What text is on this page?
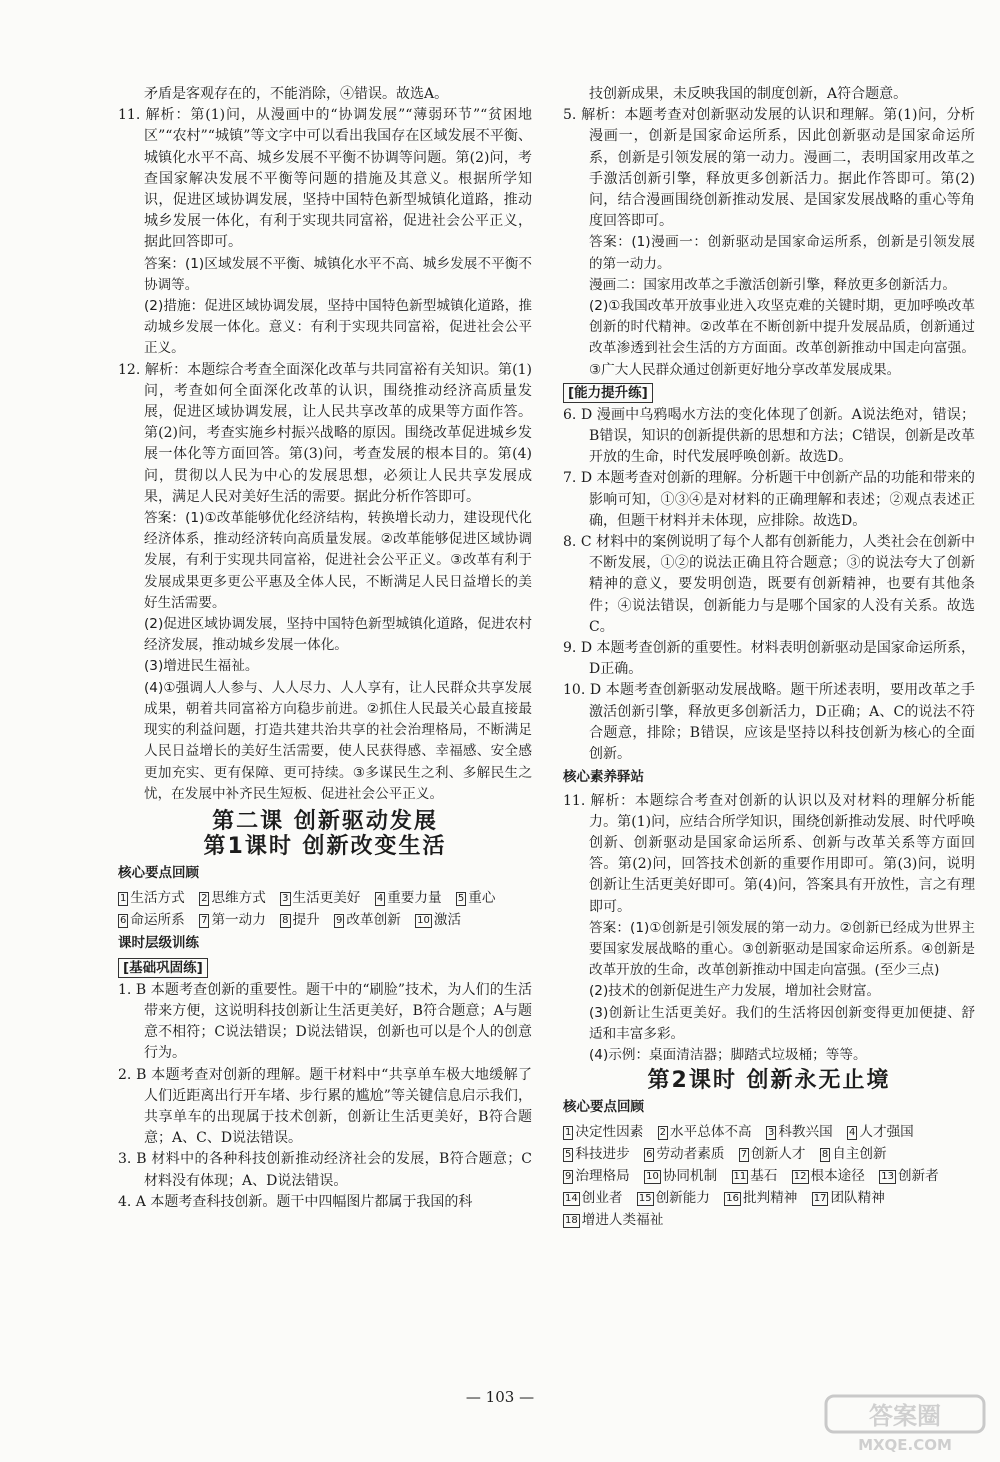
矛盾是客观存在的，不能消除，④错误。故选A。

11. 解析：第(1)问，从漫画中的“协调发展”“薄弱环节”“贫困地区”“农村”“城镇”等文字中可以看出我国存在区域发展不平衡、城镇化水平不高、城乡发展不平衡不协调等问题。第(2)问，考查国家解决发展不平衡等问题的措施及其意义。根据所学知识，促进区域协调发展，坚持中国特色新型城镇化道路，推动城乡发展一体化，有利于实现共同富裕，促进社会公平正义，据此回答即可。

答案：(1)区域发展不平衡、城镇化水平不高、城乡发展不平衡不协调等。

(2)措施：促进区域协调发展，坚持中国特色新型城镇化道路，推动城乡发展一体化。意义：有利于实现共同富裕，促进社会公平正义。

12. 解析：本题综合考查全面深化改革与共同富裕有关知识。第(1)问，考查如何全面深化改革的认识，围绕推动经济高质量发展，促进区域协调发展，让人民共享改革的成果等方面作答。第(2)问，考查实施乡村振兴战略的原因。围绕改革促进城乡发展一体化等方面回答。第(3)问，考查发展的根本目的。第(4)问，贯彻以人民为中心的发展思想，必须让人民共享发展成果，满足人民对美好生活的需要。据此分析作答即可。

答案：(1)①改革能够优化经济结构，转换增长动力，建设现代化经济体系，推动经济转向高质量发展。②改革能够促进区域协调发展，有利于实现共同富裕，促进社会公平正义。③改革有利于发展成果更多更公平惠及全体人民，不断满足人民日益增长的美好生活需要。

(2)促进区域协调发展，坚持中国特色新型城镇化道路，促进农村经济发展，推动城乡发展一体化。

(3)增进民生福祉。

(4)①强调人人参与、人人尽力、人人享有，让人民群众共享发展成果，朝着共同富裕方向稳步前进。②抓住人民最关心最直接最现实的利益问题，打造共建共治共享的社会治理格局，不断满足人民日益增长的美好生活需要，使人民获得感、幸福感、安全感更加充实、更有保障、更可持续。③多谋民生之利、多解民生之忧，在发展中补齐民生短板、促进社会公平正义。

第二课 创新驱动发展
第1课时 创新改变生活
核心要点回顾
1 生活方式 2 思维方式 3 生活更美好 4 重要力量 5 重心 6 命运所系 7 第一动力 8 提升 9 改革创新 10 激活
课时层级训练
[基础巩固练]

1. B 本题考查创新的重要性。题干中的“刷脸”技术，为人们的生活带来方便，这说明科技创新让生活更美好，B符合题意；A与题意不相符；C说法错误；D说法错误，创新也可以是个人的创意行为。

2. B 本题考查对创新的理解。题干材料中“共享单车极大地缓解了人们近距离出行开车堵、步行累的尴尬”等关键信息启示我们，共享单车的出现属于技术创新，创新让生活更美好，B符合题意；A、C、D说法错误。

3. B 材料中的各种科技创新推动经济社会的发展，B符合题意；C材料没有体现；A、D说法错误。

4. A 本题考查科技创新。题干中四幅图片都属于我国的科

技创新成果，未反映我国的制度创新，A符合题意。

5. 解析：本题考查对创新驱动发展的认识和理解。第(1)问，分析漫画一，创新是国家命运所系，因此创新驱动是国家命运所系，创新是引领发展的第一动力。漫画二，表明国家用改革之手激活创新引擎，释放更多创新活力。据此作答即可。第(2)问，结合漫画围绕创新推动发展、是国家发展战略的重心等角度回答即可。

答案：(1)漫画一：创新驱动是国家命运所系，创新是引领发展的第一动力。

漫画二：国家用改革之手激活创新引擎，释放更多创新活力。

(2)①我国改革开放事业进入攻坚克难的关键时期，更加呼唤改革创新的时代精神。②改革在不断创新中提升发展品质，创新通过改革渗透到社会生活的方方面面。改革创新推动中国走向富强。③广大人民群众通过创新更好地分享改革发展成果。

[能力提升练]

6. D 漫画中乌鸦喝水方法的变化体现了创新。A说法绝对，错误；B错误，知识的创新提供新的思想和方法；C错误，创新是改革开放的生命，时代发展呼唤创新。故选D。

7. D 本题考查对创新的理解。分析题干中创新产品的功能和带来的影响可知，①③④是对材料的正确理解和表述；②观点表述正确，但题干材料并未体现，应排除。故选D。

8. C 材料中的案例说明了每个人都有创新能力，人类社会在创新中不断发展，①②的说法正确且符合题意；③的说法夸大了创新精神的意义，要发明创造，既要有创新精神，也要有其他条件；④说法错误，创新能力与是哪个国家的人没有关系。故选C。

9. D 本题考查创新的重要性。材料表明创新驱动是国家命运所系，D正确。

10. D 本题考查创新驱动发展战略。题干所述表明，要用改革之手激活创新引擎，释放更多创新活力，D正确；A、C的说法不符合题意，排除；B错误，应该是坚持以科技创新为核心的全面创新。

核心素养驿站

11. 解析：本题综合考查对创新的认识以及对材料的理解分析能力。第(1)问，应结合所学知识，围绕创新推动发展、时代呼唤创新、创新驱动是国家命运所系、创新与改革关系等方面回答。第(2)问，回答技术创新的重要作用即可。第(3)问，说明创新让生活更美好即可。第(4)问，答案具有开放性，言之有理即可。

答案：(1)①创新是引领发展的第一动力。②创新已经成为世界主要国家发展战略的重心。③创新驱动是国家命运所系。④创新是改革开放的生命，改革创新推动中国走向富强。(至少三点)

(2)技术的创新促进生产力发展，增加社会财富。

(3)创新让生活更美好。我们的生活将因创新变得更加便捷、舒适和丰富多彩。

(4)示例：桌面清洁器；脚踏式垃圾桶；等等。

第2课时 创新永无止境
核心要点回顾
1 决定性因素 2 水平总体不高 3 科教兴国 4 人才强国 5 科技进步 6 劳动者素质 7 创新人才 8 自主创新 9 治理格局 10 协同机制 11 基石 12 根本途径 13 创新者 14 创业者 15 创新能力 16 批判精神 17 团队精神 18 增进人类福祉
— 103 —
答案圈
MXQE.COM
